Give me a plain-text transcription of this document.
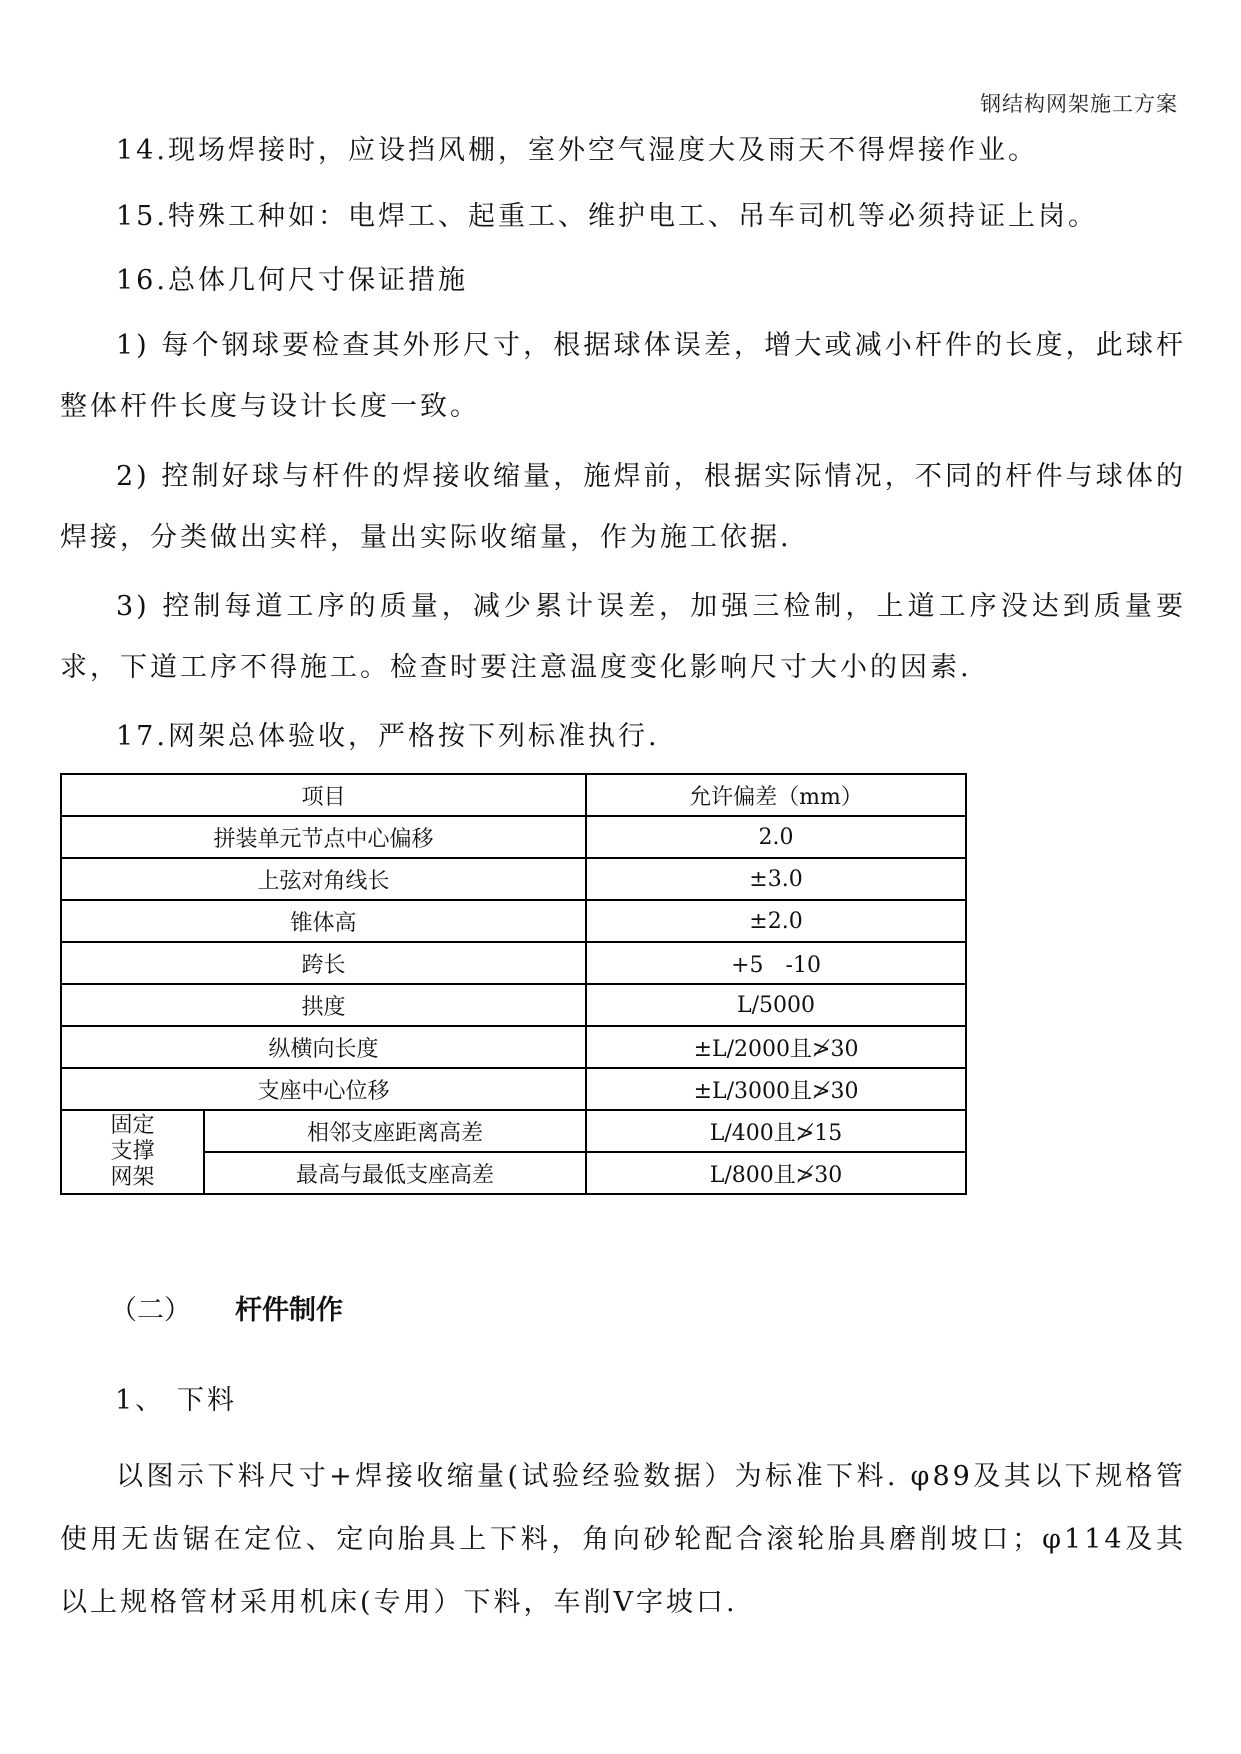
钢结构网架施工方案

14.现场焊接时，应设挡风棚，室外空气湿度大及雨天不得焊接作业。

15.特殊工种如：电焊工、起重工、维护电工、吊车司机等必须持证上岗。

16.总体几何尺寸保证措施

1) 每个钢球要检查其外形尺寸，根据球体误差，增大或减小杆件的长度，此球杆整体杆件长度与设计长度一致。

2) 控制好球与杆件的焊接收缩量，施焊前，根据实际情况，不同的杆件与球体的焊接，分类做出实样，量出实际收缩量，作为施工依据.

3) 控制每道工序的质量，减少累计误差，加强三检制，上道工序没达到质量要求，下道工序不得施工。检查时要注意温度变化影响尺寸大小的因素.

17.网架总体验收，严格按下列标准执行.

项目		允许偏差（mm）
拼装单元节点中心偏移		2.0
上弦对角线长		±3.0
锥体高		±2.0
跨长		+5　-10
拱度		L/5000
纵横向长度		±L/2000且≯30
支座中心位移		±L/3000且≯30
固定
支撑
网架	相邻支座距离高差	L/400且≯15
	最高与最低支座高差	L/800且≯30
（二） 杆件制作
1、 下料

以图示下料尺寸+焊接收缩量(试验经验数据）为标准下料. φ89及其以下规格管使用无齿锯在定位、定向胎具上下料，角向砂轮配合滚轮胎具磨削坡口；φ114及其以上规格管材采用机床(专用）下料，车削V字坡口.
